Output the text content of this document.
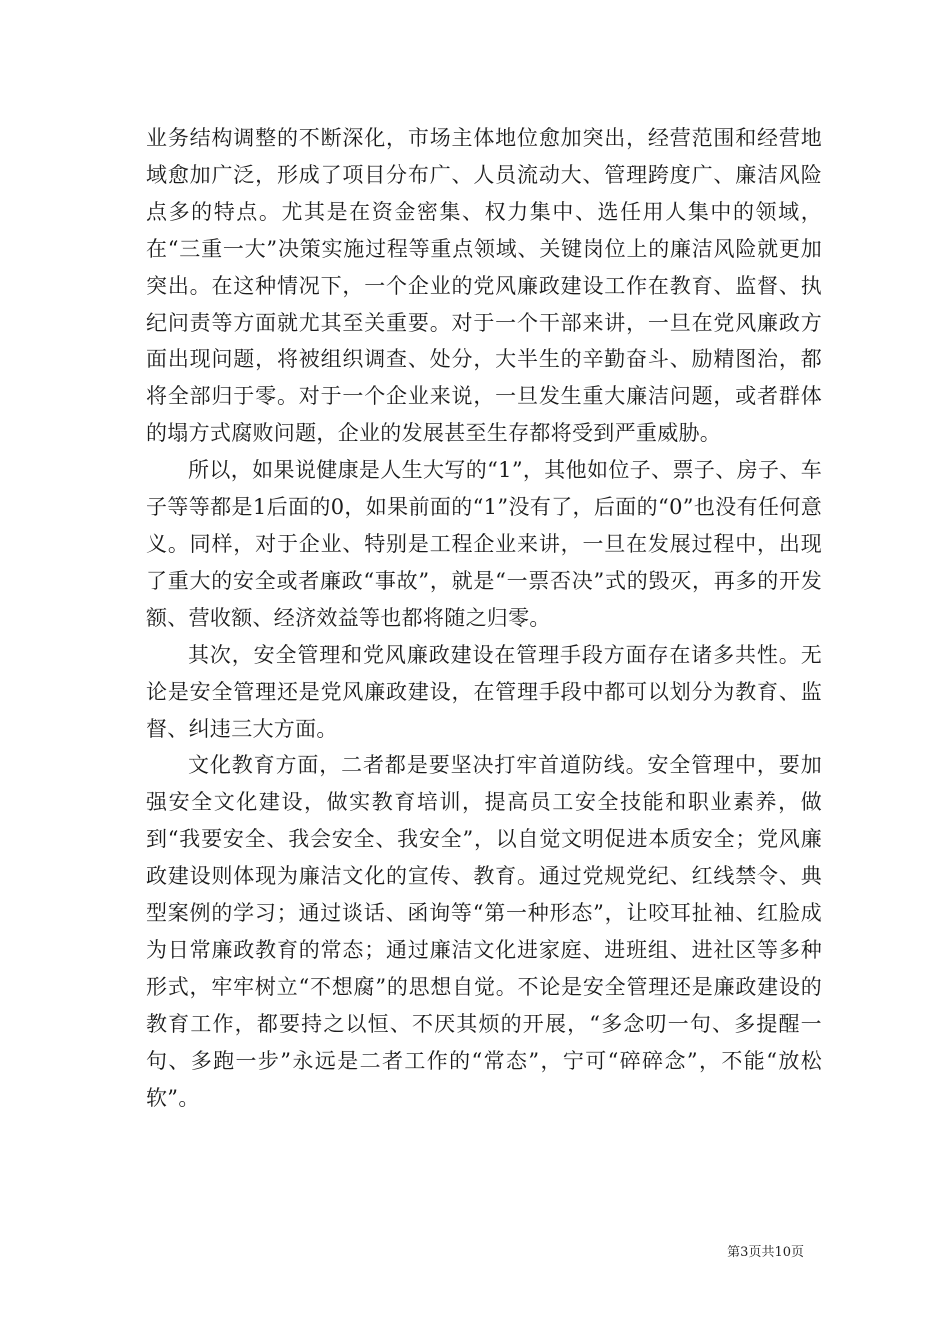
业务结构调整的不断深化，市场主体地位愈加突出，经营范围和经营地域愈加广泛，形成了项目分布广、人员流动大、管理跨度广、廉洁风险点多的特点。尤其是在资金密集、权力集中、选任用人集中的领域，在“三重一大”决策实施过程等重点领域、关键岗位上的廉洁风险就更加突出。在这种情况下，一个企业的党风廉政建设工作在教育、监督、执纪问责等方面就尤其至关重要。对于一个干部来讲，一旦在党风廉政方面出现问题，将被组织调查、处分，大半生的辛勤奋斗、励精图治，都将全部归于零。对于一个企业来说，一旦发生重大廉洁问题，或者群体的塌方式腐败问题，企业的发展甚至生存都将受到严重威胁。

所以，如果说健康是人生大写的“1”，其他如位子、票子、房子、车子等等都是1后面的0，如果前面的“1”没有了，后面的“0”也没有任何意义。同样，对于企业、特别是工程企业来讲，一旦在发展过程中，出现了重大的安全或者廉政“事故”，就是“一票否决”式的毁灭，再多的开发额、营收额、经济效益等也都将随之归零。

其次，安全管理和党风廉政建设在管理手段方面存在诸多共性。无论是安全管理还是党风廉政建设，在管理手段中都可以划分为教育、监督、纠违三大方面。

文化教育方面，二者都是要坚决打牢首道防线。安全管理中，要加强安全文化建设，做实教育培训，提高员工安全技能和职业素养，做到“我要安全、我会安全、我安全”，以自觉文明促进本质安全；党风廉政建设则体现为廉洁文化的宣传、教育。通过党规党纪、红线禁令、典型案例的学习；通过谈话、函询等“第一种形态”，让咬耳扯袖、红脸成为日常廉政教育的常态；通过廉洁文化进家庭、进班组、进社区等多种形式，牢牢树立“不想腐”的思想自觉。不论是安全管理还是廉政建设的教育工作，都要持之以恒、不厌其烦的开展，“多念叨一句、多提醒一句、多跑一步”永远是二者工作的“常态”，宁可“碎碎念”，不能“放松软”。

第3页共10页
